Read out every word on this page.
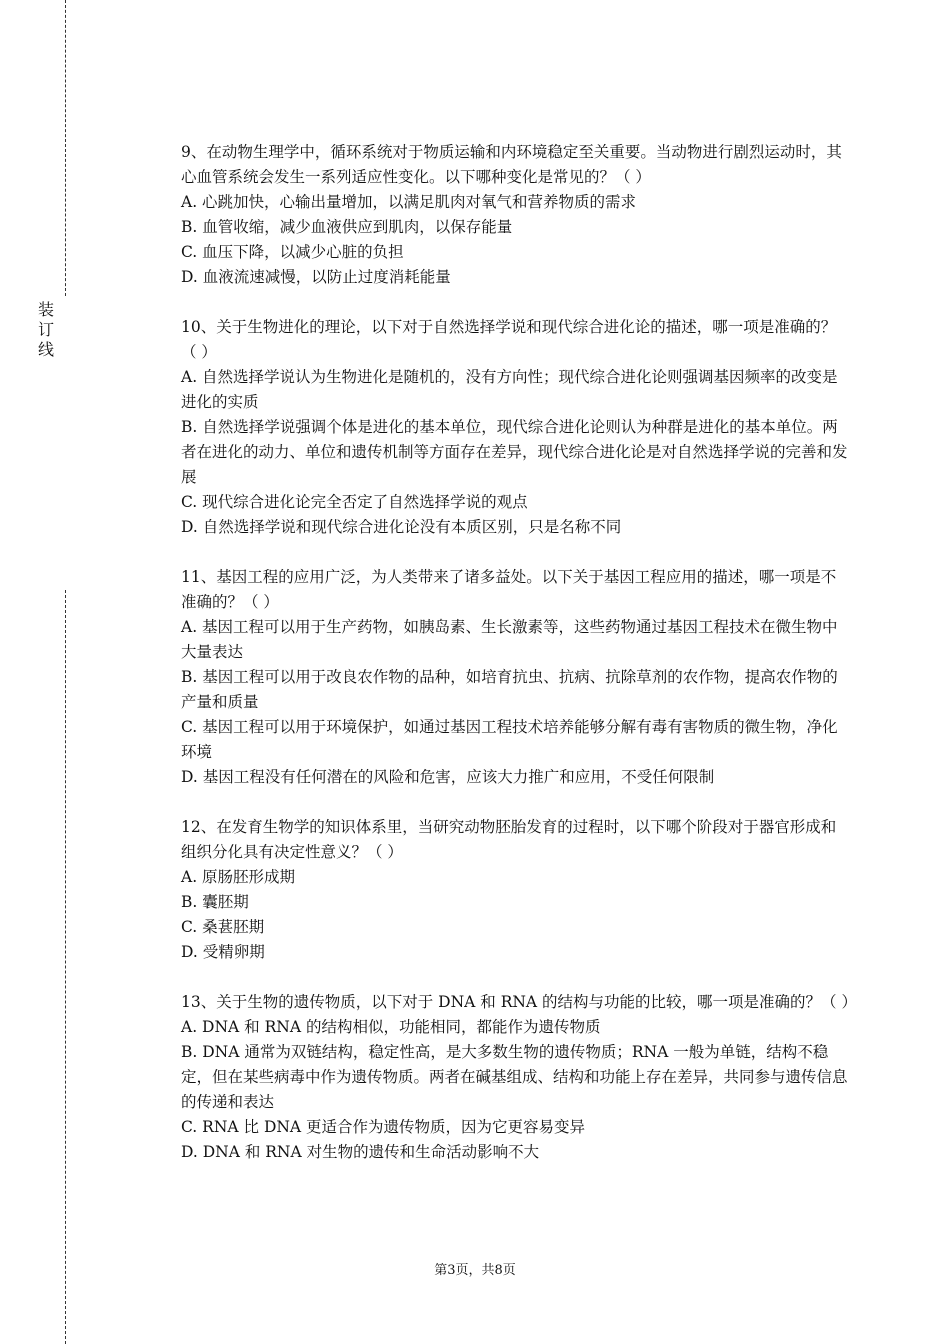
装
订
线

9、在动物生理学中，循环系统对于物质运输和内环境稳定至关重要。当动物进行剧烈运动时，其心血管系统会发生一系列适应性变化。以下哪种变化是常见的？（ ）

A. 心跳加快，心输出量增加，以满足肌肉对氧气和营养物质的需求

B. 血管收缩，减少血液供应到肌肉，以保存能量

C. 血压下降，以减少心脏的负担

D. 血液流速减慢，以防止过度消耗能量

10、关于生物进化的理论，以下对于自然选择学说和现代综合进化论的描述，哪一项是准确的？（ ）

A. 自然选择学说认为生物进化是随机的，没有方向性；现代综合进化论则强调基因频率的改变是进化的实质

B. 自然选择学说强调个体是进化的基本单位，现代综合进化论则认为种群是进化的基本单位。两者在进化的动力、单位和遗传机制等方面存在差异，现代综合进化论是对自然选择学说的完善和发展

C. 现代综合进化论完全否定了自然选择学说的观点

D. 自然选择学说和现代综合进化论没有本质区别，只是名称不同

11、基因工程的应用广泛，为人类带来了诸多益处。以下关于基因工程应用的描述，哪一项是不准确的？（ ）

A. 基因工程可以用于生产药物，如胰岛素、生长激素等，这些药物通过基因工程技术在微生物中大量表达

B. 基因工程可以用于改良农作物的品种，如培育抗虫、抗病、抗除草剂的农作物，提高农作物的产量和质量

C. 基因工程可以用于环境保护，如通过基因工程技术培养能够分解有毒有害物质的微生物，净化环境

D. 基因工程没有任何潜在的风险和危害，应该大力推广和应用，不受任何限制

12、在发育生物学的知识体系里，当研究动物胚胎发育的过程时，以下哪个阶段对于器官形成和组织分化具有决定性意义？（ ）

A. 原肠胚形成期

B. 囊胚期

C. 桑葚胚期

D. 受精卵期

13、关于生物的遗传物质，以下对于 DNA 和 RNA 的结构与功能的比较，哪一项是准确的？（ ）

A. DNA 和 RNA 的结构相似，功能相同，都能作为遗传物质

B. DNA 通常为双链结构，稳定性高，是大多数生物的遗传物质；RNA 一般为单链，结构不稳定，但在某些病毒中作为遗传物质。两者在碱基组成、结构和功能上存在差异，共同参与遗传信息的传递和表达

C. RNA 比 DNA 更适合作为遗传物质，因为它更容易变异

D. DNA 和 RNA 对生物的遗传和生命活动影响不大

第3页，共8页
